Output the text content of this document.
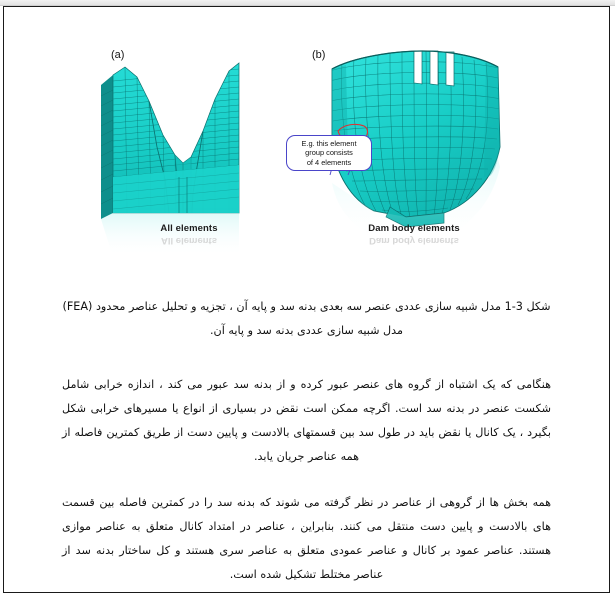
(a)
All elements
All elements
(b)
E.g. this element
group consists
of 4 elements
Dam body elements
Dam body elements

شکل 3-1 مدل شبیه سازی عددی عنصر سه بعدی بدنه سد و پایه آن ، تجزیه و تحلیل عناصر محدود (FEA) مدل شبیه سازی عددی بدنه سد و پایه آن.

هنگامی که یک اشتباه از گروه های عنصر عبور کرده و از بدنه سد عبور می کند ، اندازه خرابی شامل شکست عنصر در بدنه سد است. اگرچه ممکن است نقض در بسیاری از انواع یا مسیرهای خرابی شکل بگیرد ، یک کانال یا نقض باید در طول سد بین قسمتهای بالادست و پایین دست از طریق کمترین فاصله از همه عناصر جریان یابد.

همه بخش ها از گروهی از عناصر در نظر گرفته می شوند که بدنه سد را در کمترین فاصله بین قسمت های بالادست و پایین دست منتقل می کنند. بنابراین ، عناصر در امتداد کانال متعلق به عناصر موازی هستند. عناصر عمود بر کانال و عناصر عمودی متعلق به عناصر سری هستند و کل ساختار بدنه سد از عناصر مختلط تشکیل شده است.
